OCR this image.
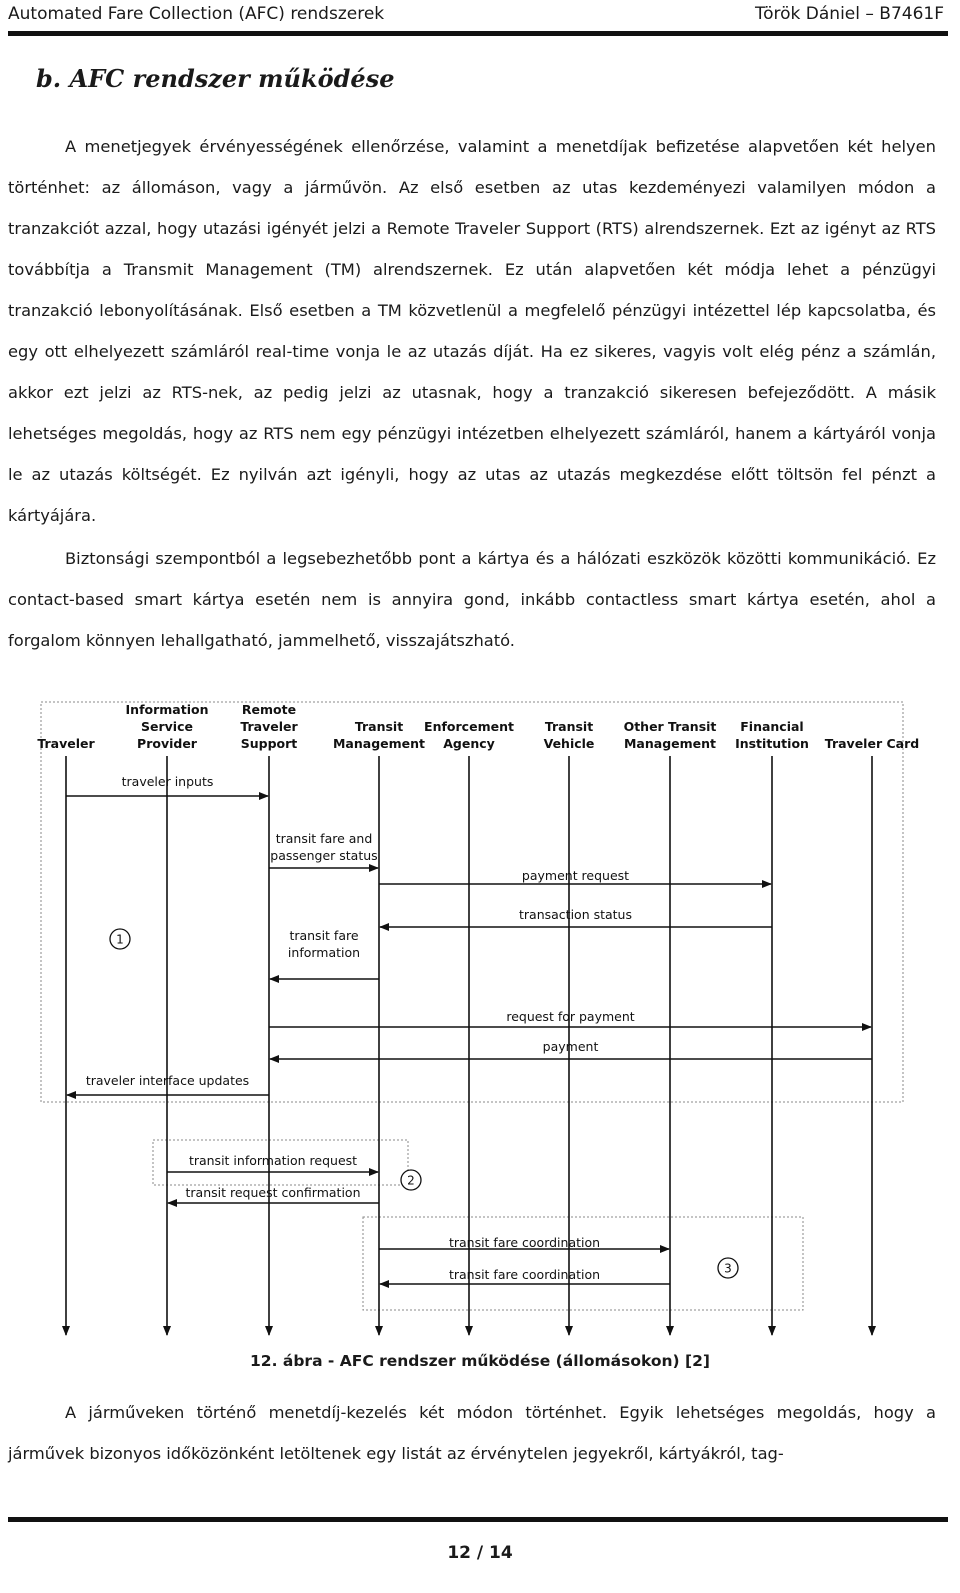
Automated Fare Collection (AFC) rendszerek	Török Dániel – B7461F
b. AFC rendszer működése

A menetjegyek érvényességének ellenőrzése, valamint a menetdíjak befizetése alapvetően két helyen történhet: az állomáson, vagy a járművön. Az első esetben az utas kezdeményezi valamilyen módon a tranzakciót azzal, hogy utazási igényét jelzi a Remote Traveler Support (RTS) alrendszernek. Ezt az igényt az RTS továbbítja a Transmit Management (TM) alrendszernek. Ez után alapvetően két módja lehet a pénzügyi tranzakció lebonyolításának. Első esetben a TM közvetlenül a megfelelő pénzügyi intézettel lép kapcsolatba, és egy ott elhelyezett számláról real-time vonja le az utazás díját. Ha ez sikeres, vagyis volt elég pénz a számlán, akkor ezt jelzi az RTS-nek, az pedig jelzi az utasnak, hogy a tranzakció sikeresen befejeződött. A másik lehetséges megoldás, hogy az RTS nem egy pénzügyi intézetben elhelyezett számláról, hanem a kártyáról vonja le az utazás költségét. Ez nyilván azt igényli, hogy az utas az utazás megkezdése előtt töltsön fel pénzt a kártyájára.

Biztonsági szempontból a legsebezhetőbb pont a kártya és a hálózati eszközök közötti kommunikáció. Ez contact-based smart kártya esetén nem is annyira gond, inkább contactless smart kártya esetén, ahol a forgalom könnyen lehallgatható, jammelhető, visszajátszható.

Traveler
Information Service Provider
Remote Traveler Support
Transit Management
Enforcement Agency
Transit Vehicle
Other Transit Management
Financial Institution Traveler Card
traveler inputs
transit fare and passenger status
payment request
transaction status
transit fare information
request for payment
payment
traveler interface updates
transit information request
transit request confirmation
transit fare coordination
transit fare coordination
1
2
3
12. ábra - AFC rendszer működése (állomásokon) [2]

A járműveken történő menetdíj-kezelés két módon történhet. Egyik lehetséges megoldás, hogy a járművek bizonyos időközönként letöltenek egy listát az érvénytelen jegyekről, kártyákról, tag-

12 / 14
